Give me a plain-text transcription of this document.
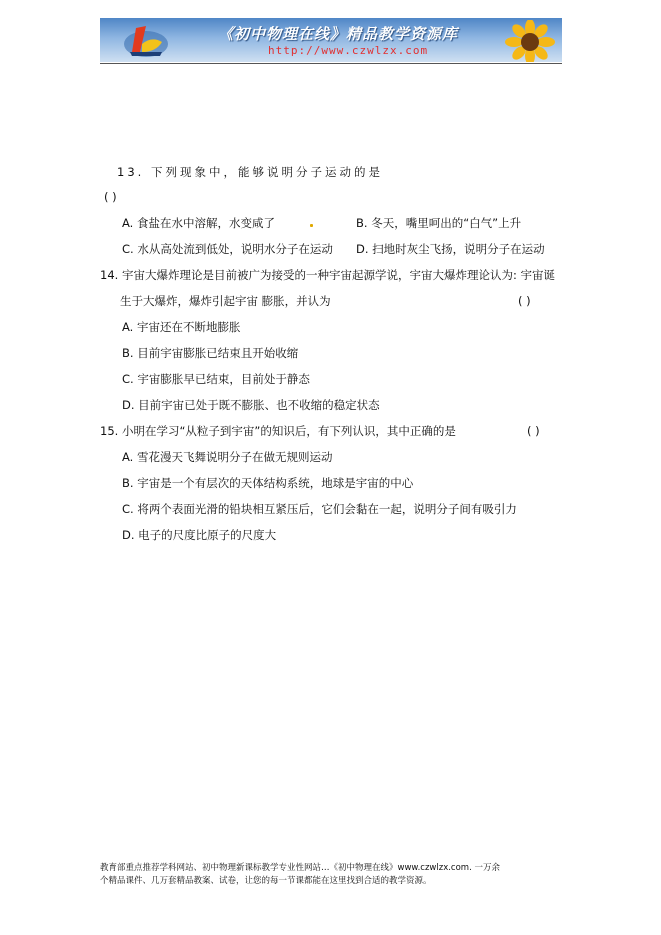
《初中物理在线》精品教学资源库
http://www.czwlzx.com
13. 下列现象中，能够说明分子运动的是
( )
A. 食盐在水中溶解，水变咸了	B. 冬天，嘴里呵出的“白气”上升
C. 水从高处流到低处，说明水分子在运动 D. 扫地时灰尘飞扬，说明分子在运动
14. 宇宙大爆炸理论是目前被广为接受的一种宇宙起源学说，宇宙大爆炸理论认为: 宇宙诞
生于大爆炸，爆炸引起宇宙 膨胀，并认为	( )
A. 宇宙还在不断地膨胀
B. 目前宇宙膨胀已结束且开始收缩
C. 宇宙膨胀早已结束，目前处于静态
D. 目前宇宙已处于既不膨胀、也不收缩的稳定状态
15. 小明在学习“从粒子到宇宙”的知识后，有下列认识，其中正确的是	( )
A. 雪花漫天飞舞说明分子在做无规则运动
B. 宇宙是一个有层次的天体结构系统，地球是宇宙的中心
C. 将两个表面光滑的铅块相互紧压后，它们会黏在一起，说明分子间有吸引力
D. 电子的尺度比原子的尺度大
教育部重点推荐学科网站、初中物理新课标教学专业性网站…《初中物理在线》www.czwlzx.com. 一万余
个精品课件、几万套精品教案、试卷，让您的每一节课都能在这里找到合适的教学资源。
